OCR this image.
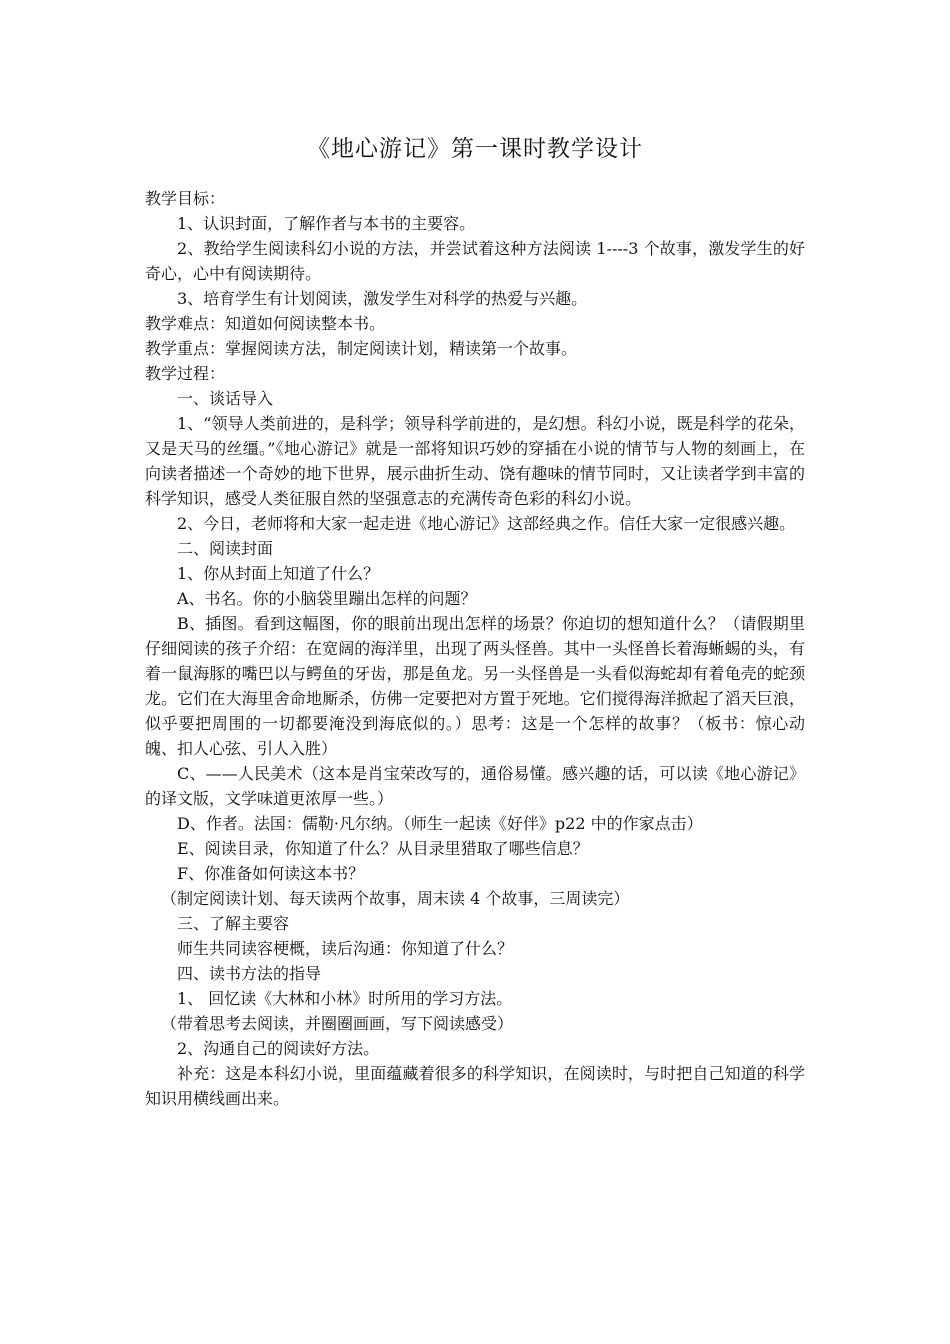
《地心游记》第一课时教学设计

教学目标：

1、认识封面，了解作者与本书的主要容。

2、教给学生阅读科幻小说的方法，并尝试着这种方法阅读 1----3 个故事，激发学生的好奇心，心中有阅读期待。

3、培育学生有计划阅读，激发学生对科学的热爱与兴趣。

教学难点：知道如何阅读整本书。

教学重点：掌握阅读方法，制定阅读计划，精读第一个故事。

教学过程：

一、谈话导入

1、“领导人类前进的，是科学；领导科学前进的，是幻想。科幻小说，既是科学的花朵，又是天马的丝缰。”《地心游记》就是一部将知识巧妙的穿插在小说的情节与人物的刻画上，在向读者描述一个奇妙的地下世界，展示曲折生动、饶有趣味的情节同时，又让读者学到丰富的科学知识，感受人类征服自然的坚强意志的充满传奇色彩的科幻小说。

2、今日，老师将和大家一起走进《地心游记》这部经典之作。信任大家一定很感兴趣。

二、阅读封面

1、你从封面上知道了什么？

A、书名。你的小脑袋里蹦出怎样的问题？

B、插图。看到这幅图，你的眼前出现出怎样的场景？你迫切的想知道什么？（请假期里仔细阅读的孩子介绍：在宽阔的海洋里，出现了两头怪兽。其中一头怪兽长着海蜥蜴的头，有着一鼠海豚的嘴巴以与鳄鱼的牙齿，那是鱼龙。另一头怪兽是一头看似海蛇却有着龟壳的蛇颈龙。它们在大海里舍命地厮杀，仿佛一定要把对方置于死地。它们搅得海洋掀起了滔天巨浪，似乎要把周围的一切都要淹没到海底似的。）思考：这是一个怎样的故事？（板书：惊心动魄、扣人心弦、引人入胜）

C、——人民美术（这本是肖宝荣改写的，通俗易懂。感兴趣的话，可以读《地心游记》的译文版，文学味道更浓厚一些。）

D、作者。法国：儒勒·凡尔纳。（师生一起读《好伴》p22 中的作家点击）

E、阅读目录，你知道了什么？从目录里猎取了哪些信息？

F、你准备如何读这本书？

（制定阅读计划、每天读两个故事，周末读 4 个故事，三周读完）

三、了解主要容

师生共同读容梗概，读后沟通：你知道了什么？

四、读书方法的指导

1、 回忆读《大林和小林》时所用的学习方法。

（带着思考去阅读，并圈圈画画，写下阅读感受）

2、沟通自己的阅读好方法。

补充：这是本科幻小说，里面蕴藏着很多的科学知识，在阅读时，与时把自己知道的科学知识用横线画出来。
